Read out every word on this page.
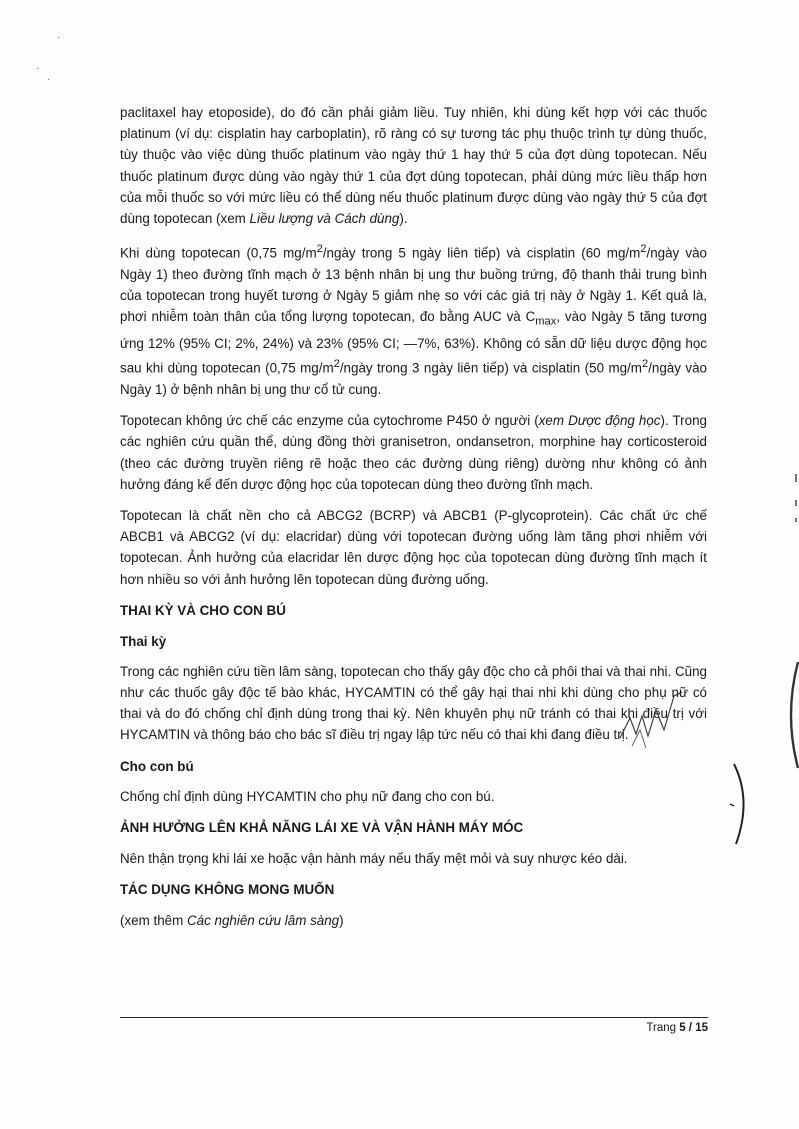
·
·
·

paclitaxel hay etoposide), do đó cần phải giảm liều. Tuy nhiên, khi dùng kết hợp với các thuốc platinum (ví dụ: cisplatin hay carboplatin), rõ ràng có sự tương tác phụ thuộc trình tự dùng thuốc, tùy thuộc vào việc dùng thuốc platinum vào ngày thứ 1 hay thứ 5 của đợt dùng topotecan. Nếu thuốc platinum được dùng vào ngày thứ 1 của đợt dùng topotecan, phải dùng mức liều thấp hơn của mỗi thuốc so với mức liều có thể dùng nếu thuốc platinum được dùng vào ngày thứ 5 của đợt dùng topotecan (xem Liều lượng và Cách dùng).

Khi dùng topotecan (0,75 $mg/m^2$/ngày trong 5 ngày liên tiếp) và cisplatin (60 $mg/m^2$/ngày vào Ngày 1) theo đường tĩnh mạch ở 13 bệnh nhân bị ung thư buồng trứng, độ thanh thải trung bình của topotecan trong huyết tương ở Ngày 5 giảm nhẹ so với các giá trị này ở Ngày 1. Kết quả là, phơi nhiễm toàn thân của tổng lượng topotecan, đo bằng AUC và $C_{max}$, vào Ngày 5 tăng tương ứng 12% (95% CI; 2%, 24%) và 23% (95% CI; —7%, 63%). Không có sẵn dữ liệu dược động học sau khi dùng topotecan (0,75 $mg/m^2$/ngày trong 3 ngày liên tiếp) và cisplatin (50 $mg/m^2$/ngày vào Ngày 1) ở bệnh nhân bị ung thư cổ tử cung.

Topotecan không ức chế các enzyme của cytochrome P450 ở người (xem Dược động học). Trong các nghiên cứu quần thể, dùng đồng thời granisetron, ondansetron, morphine hay corticosteroid (theo các đường truyền riêng rẽ hoặc theo các đường dùng riêng) dường như không có ảnh hưởng đáng kể đến dược động học của topotecan dùng theo đường tĩnh mạch.

Topotecan là chất nền cho cả ABCG2 (BCRP) và ABCB1 (P-glycoprotein). Các chất ức chế ABCB1 và ABCG2 (ví dụ: elacridar) dùng với topotecan đường uống làm tăng phơi nhiễm với topotecan. Ảnh hưởng của elacridar lên dược động học của topotecan dùng đường tĩnh mạch ít hơn nhiều so với ảnh hưởng lên topotecan dùng đường uống.

THAI KỲ VÀ CHO CON BÚ
Thai kỳ

Trong các nghiên cứu tiền lâm sàng, topotecan cho thấy gây độc cho cả phôi thai và thai nhi. Cũng như các thuốc gây độc tế bào khác, HYCAMTIN có thể gây hại thai nhi khi dùng cho phụ nữ có thai và do đó chống chỉ định dùng trong thai kỳ. Nên khuyên phụ nữ tránh có thai khi điều trị với HYCAMTIN và thông báo cho bác sĩ điều trị ngay lập tức nếu có thai khi đang điều trị.

Cho con bú

Chống chỉ định dùng HYCAMTIN cho phụ nữ đang cho con bú.

ẢNH HƯỞNG LÊN KHẢ NĂNG LÁI XE VÀ VẬN HÀNH MÁY MÓC

Nên thận trọng khi lái xe hoặc vận hành máy nếu thấy mệt mỏi và suy nhược kéo dài.

TÁC DỤNG KHÔNG MONG MUỐN

(xem thêm Các nghiên cứu lâm sàng)

Trang 5 / 15
